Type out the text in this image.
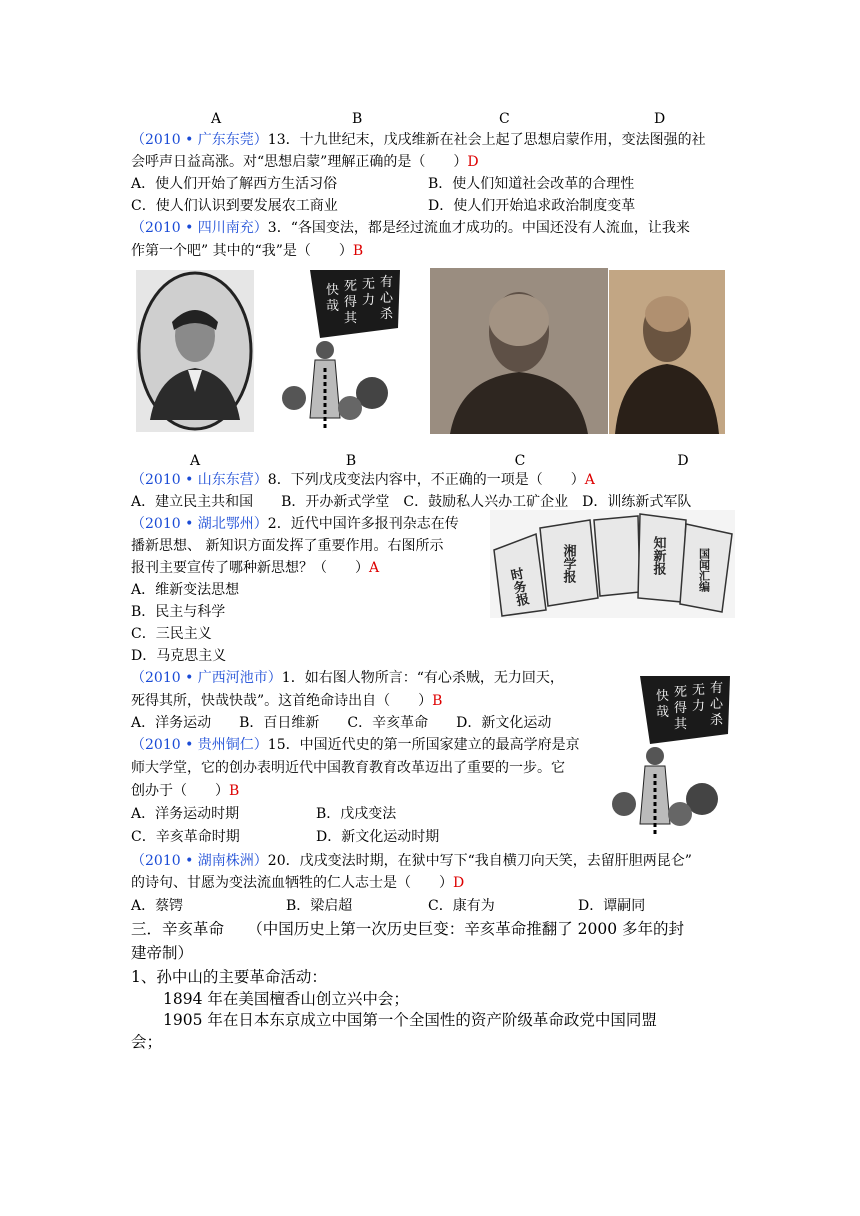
A	B	C	D
（2010 • 广东东莞）13．十九世纪末，戊戌维新在社会上起了思想启蒙作用，变法图强的社
会呼声日益高涨。对“思想启蒙”理解正确的是（　　）D
A．使人们开始了解西方生活习俗	B．使人们知道社会改革的合理性
C．使人们认识到要发展农工商业	D．使人们开始追求政治制度变革
（2010 • 四川南充）3．“各国变法，都是经过流血才成功的。中国还没有人流血，让我来
作第一个吧” 其中的“我”是（　　）B
有
心
杀
无
力
死
得
其
快
哉
A	B	C	D
（2010 • 山东东营）8．下列戊戌变法内容中，不正确的一项是（　　）A
A．建立民主共和国　　B．开办新式学堂　C．鼓励私人兴办工矿企业　D．训练新式军队
（2010 • 湖北鄂州）2．近代中国许多报刊杂志在传
播新思想、 新知识方面发挥了重要作用。右图所示
报刊主要宣传了哪种新思想？（　　）A
A．维新变法思想
B．民主与科学
C．三民主义
D．马克思主义
时务报
湘学报	知新报	国闻汇编
（2010 • 广西河池市）1．如右图人物所言：“有心杀贼，无力回天，
死得其所，快哉快哉”。这首绝命诗出自（　　）B
A．洋务运动　　B．百日维新　　C．辛亥革命　　D．新文化运动
有
心
杀
无
力
死
得
其
快
哉
（2010 • 贵州铜仁）15．中国近代史的第一所国家建立的最高学府是京
师大学堂，它的创办表明近代中国教育教育改革迈出了重要的一步。它
创办于（　　）B
A．洋务运动时期	B．戊戌变法
C．辛亥革命时期	D．新文化运动时期
（2010 • 湖南株洲）20．戊戌变法时期，在狱中写下“我自横刀向天笑，去留肝胆两昆仑”
的诗句、甘愿为变法流血牺牲的仁人志士是（　　）D
A．蔡锷	B．梁启超	C．康有为	D．谭嗣同
三．辛亥革命　　（中国历史上第一次历史巨变：辛亥革命推翻了 2000 多年的封
建帝制）
1、孙中山的主要革命活动：
1894 年在美国檀香山创立兴中会；
1905 年在日本东京成立中国第一个全国性的资产阶级革命政党中国同盟
会；
